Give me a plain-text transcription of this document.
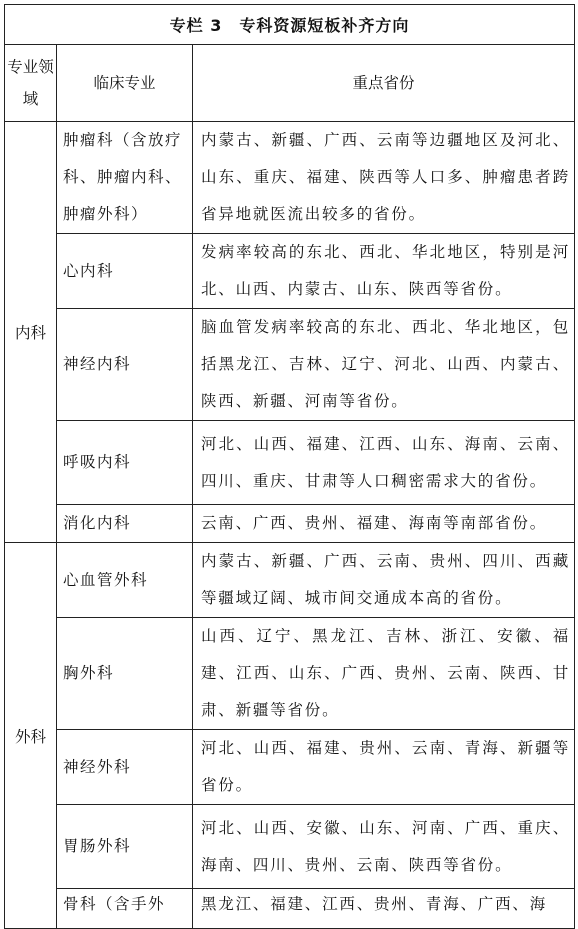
专栏 3　专科资源短板补齐方向		
专业领域	临床专业	重点省份
内科	肿瘤科（含放疗科、肿瘤内科、肿瘤外科）	内蒙古、新疆、广西、云南等边疆地区及河北、山东、重庆、福建、陕西等人口多、肿瘤患者跨省异地就医流出较多的省份。
	心内科	发病率较高的东北、西北、华北地区，特别是河北、山西、内蒙古、山东、陕西等省份。
	神经内科	脑血管发病率较高的东北、西北、华北地区，包括黑龙江、吉林、辽宁、河北、山西、内蒙古、陕西、新疆、河南等省份。
	呼吸内科	河北、山西、福建、江西、山东、海南、云南、四川、重庆、甘肃等人口稠密需求大的省份。
	消化内科	云南、广西、贵州、福建、海南等南部省份。
外科	心血管外科	内蒙古、新疆、广西、云南、贵州、四川、西藏等疆域辽阔、城市间交通成本高的省份。
	胸外科	山西、辽宁、黑龙江、吉林、浙江、安徽、福建、江西、山东、广西、贵州、云南、陕西、甘肃、新疆等省份。
	神经外科	河北、山西、福建、贵州、云南、青海、新疆等省份。
	胃肠外科	河北、山西、安徽、山东、河南、广西、重庆、海南、四川、贵州、云南、陕西等省份。
	骨科（含手外	黑龙江、福建、江西、贵州、青海、广西、海
